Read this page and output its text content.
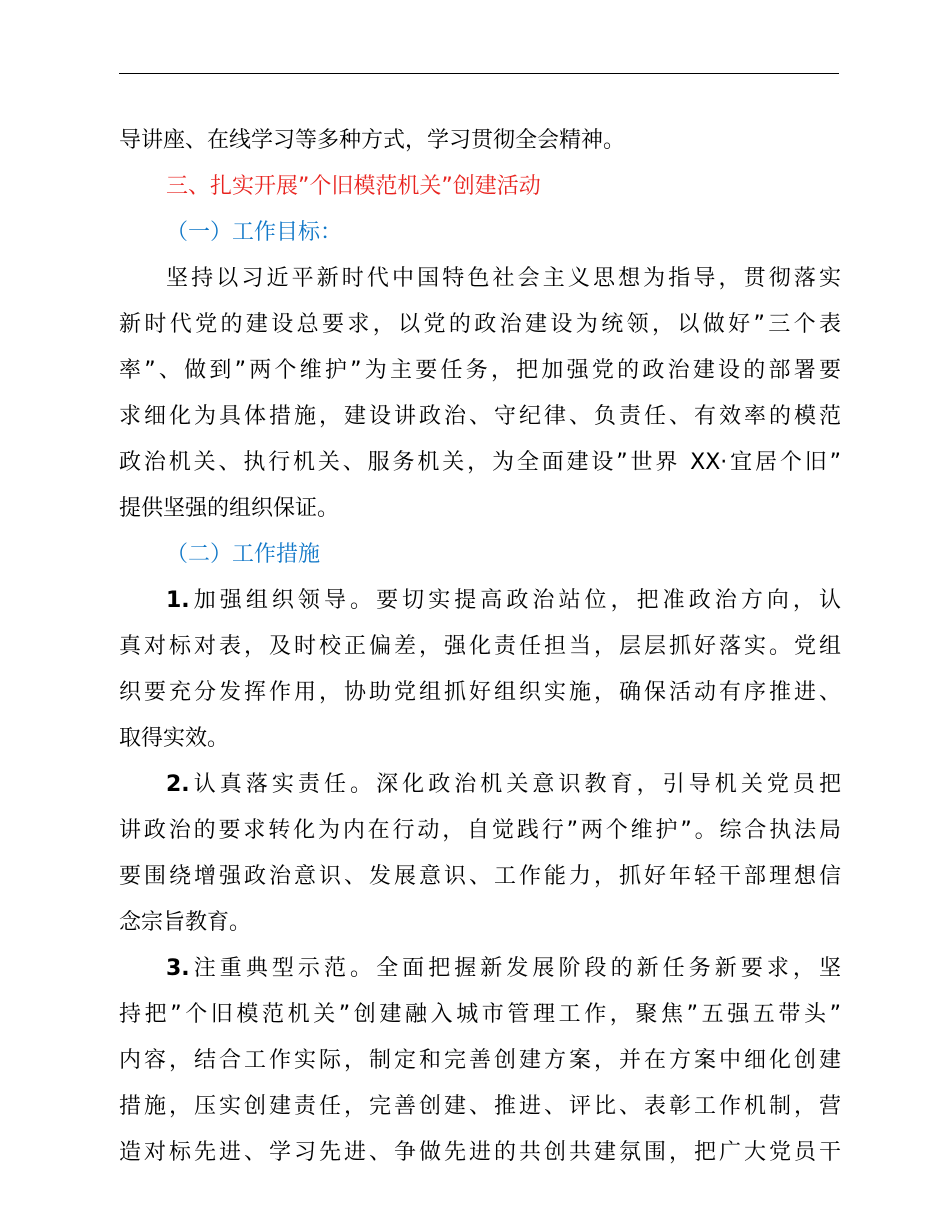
导讲座、在线学习等多种方式，学习贯彻全会精神。
三、扎实开展”个旧模范机关”创建活动
（一）工作目标：
坚持以习近平新时代中国特色社会主义思想为指导，贯彻落实
新时代党的建设总要求，以党的政治建设为统领，以做好”三个表
率”、做到”两个维护”为主要任务，把加强党的政治建设的部署要
求细化为具体措施，建设讲政治、守纪律、负责任、有效率的模范
政治机关、执行机关、服务机关，为全面建设”世界 XX·宜居个旧”
提供坚强的组织保证。
（二）工作措施
1.加强组织领导。要切实提高政治站位，把准政治方向，认
真对标对表，及时校正偏差，强化责任担当，层层抓好落实。党组
织要充分发挥作用，协助党组抓好组织实施，确保活动有序推进、
取得实效。
2.认真落实责任。深化政治机关意识教育，引导机关党员把
讲政治的要求转化为内在行动，自觉践行”两个维护”。综合执法局
要围绕增强政治意识、发展意识、工作能力，抓好年轻干部理想信
念宗旨教育。
3.注重典型示范。全面把握新发展阶段的新任务新要求，坚
持把”个旧模范机关”创建融入城市管理工作，聚焦”五强五带头”
内容，结合工作实际，制定和完善创建方案，并在方案中细化创建
措施，压实创建责任，完善创建、推进、评比、表彰工作机制，营
造对标先进、学习先进、争做先进的共创共建氛围，把广大党员干
